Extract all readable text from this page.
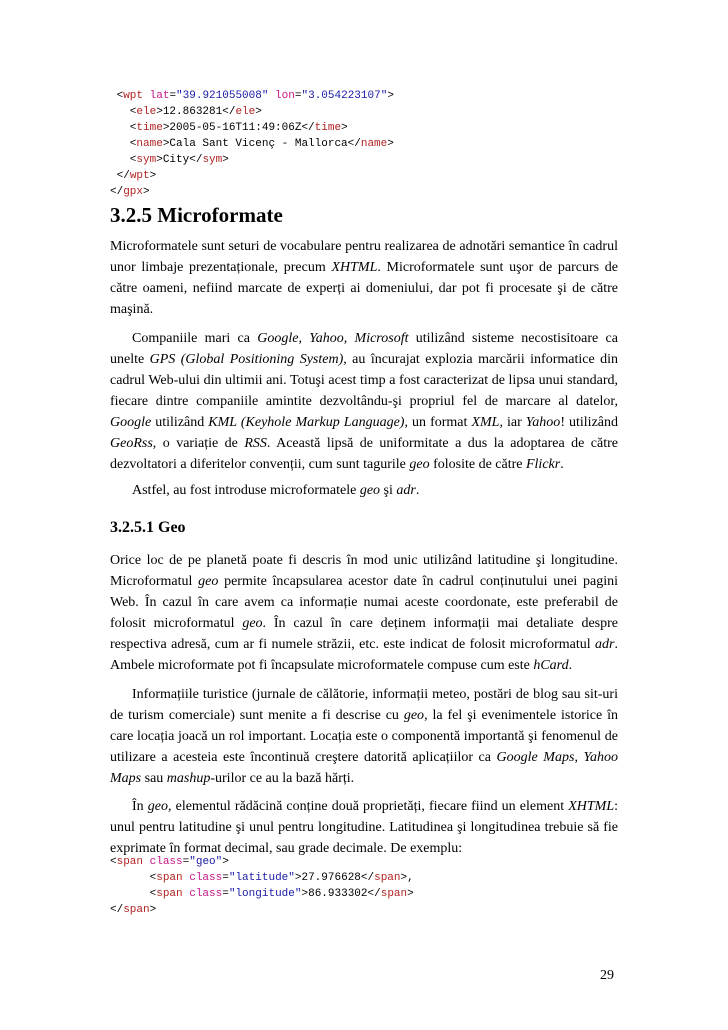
<wpt lat="39.921055008" lon="3.054223107">
<ele>12.863281</ele>
<time>2005-05-16T11:49:06Z</time>
<name>Cala Sant Vicenç - Mallorca</name>
<sym>City</sym>
</wpt>
</gpx>
3.2.5 Microformate

Microformatele sunt seturi de vocabulare pentru realizarea de adnotări semantice în cadrul unor limbaje prezentaționale, precum XHTML. Microformatele sunt uşor de parcurs de către oameni, nefiind marcate de experți ai domeniului, dar pot fi procesate şi de către maşină.

Companiile mari ca Google, Yahoo, Microsoft utilizând sisteme necostisitoare ca unelte GPS (Global Positioning System), au încurajat explozia marcării informatice din cadrul Web-ului din ultimii ani. Totuşi acest timp a fost caracterizat de lipsa unui standard, fiecare dintre companiile amintite dezvoltându-şi propriul fel de marcare al datelor, Google utilizând KML (Keyhole Markup Language), un format XML, iar Yahoo! utilizând GeoRss, o variație de RSS. Această lipsă de uniformitate a dus la adoptarea de către dezvoltatori a diferitelor convenții, cum sunt tagurile geo folosite de către Flickr.

Astfel, au fost introduse microformatele geo şi adr.

3.2.5.1 Geo

Orice loc de pe planetă poate fi descris în mod unic utilizând latitudine şi longitudine. Microformatul geo permite încapsularea acestor date în cadrul conținutului unei pagini Web. În cazul în care avem ca informație numai aceste coordonate, este preferabil de folosit microformatul geo. În cazul în care deținem informații mai detaliate despre respectiva adresă, cum ar fi numele străzii, etc. este indicat de folosit microformatul adr. Ambele microformate pot fi încapsulate microformatele compuse cum este hCard.

Informațiile turistice (jurnale de călătorie, informații meteo, postări de blog sau sit-uri de turism comerciale) sunt menite a fi descrise cu geo, la fel şi evenimentele istorice în care locația joacă un rol important. Locația este o componentă importantă şi fenomenul de utilizare a acesteia este încontinuă creştere datorită aplicațiilor ca Google Maps, Yahoo Maps sau mashup-urilor ce au la bază hărți.

În geo, elementul rădăcină conține două proprietăți, fiecare fiind un element XHTML: unul pentru latitudine şi unul pentru longitudine. Latitudinea şi longitudinea trebuie să fie exprimate în format decimal, sau grade decimale. De exemplu:

<span class="geo">
<span class="latitude">27.976628</span>,
<span class="longitude">86.933302</span>
</span>
29
